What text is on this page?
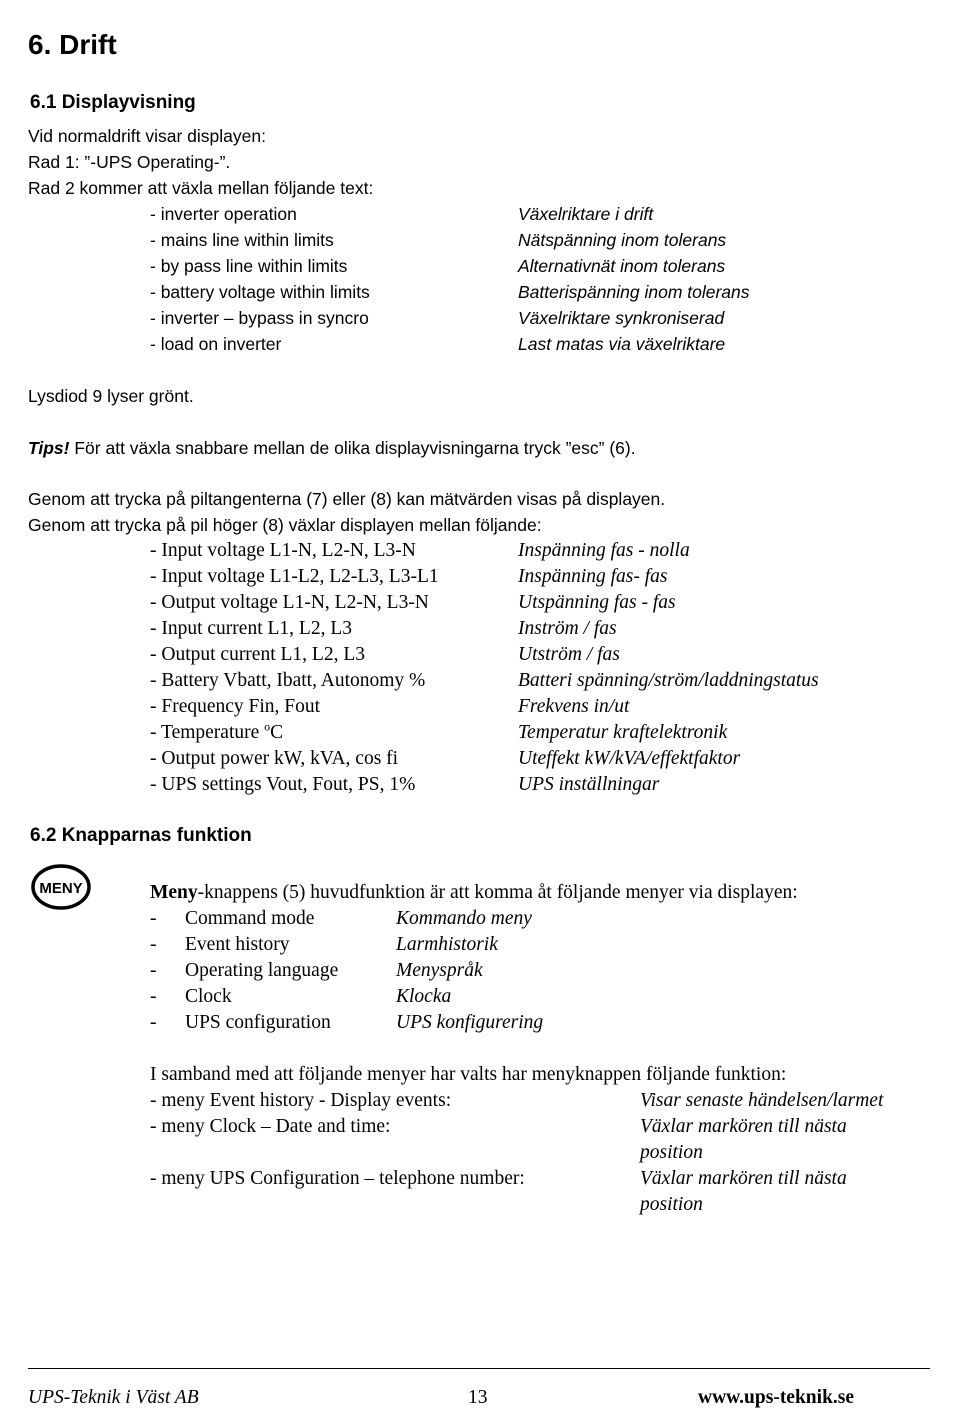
6. Drift
6.1 Displayvisning
Vid normaldrift visar displayen:
Rad 1: ”-UPS Operating-”.
Rad 2 kommer att växla mellan följande text:
- inverter operation	Växelriktare i drift
- mains line within limits	Nätspänning inom tolerans
- by pass line within limits	Alternativnät inom tolerans
- battery voltage within limits	Batterispänning inom tolerans
- inverter – bypass in syncro	Växelriktare synkroniserad
- load on inverter	Last matas via växelriktare
Lysdiod 9 lyser grönt.
Tips! För att växla snabbare mellan de olika displayvisningarna tryck ”esc” (6).
Genom att trycka på piltangenterna (7) eller (8) kan mätvärden visas på displayen.
Genom att trycka på pil höger (8) växlar displayen mellan följande:
- Input voltage L1-N, L2-N, L3-N	Inspänning fas - nolla
- Input voltage L1-L2, L2-L3, L3-L1	Inspänning fas- fas
- Output voltage L1-N, L2-N, L3-N	Utspänning fas - fas
- Input current L1, L2, L3	Inström / fas
- Output current L1, L2, L3	Utström / fas
- Battery Vbatt, Ibatt, Autonomy %	Batteri spänning/ström/laddningstatus
- Frequency Fin, Fout	Frekvens in/ut
- Temperature $^o$C	Temperatur kraftelektronik
- Output power kW, kVA, cos fi	Uteffekt kW/kVA/effektfaktor
- UPS settings Vout, Fout, PS, 1%	UPS inställningar
6.2 Knapparnas funktion
MENY	Meny-knappens (5) huvudfunktion är att komma åt följande menyer via displayen:
- Command mode	Kommando meny
- Event history	Larmhistorik
- Operating language	Menyspråk
- Clock	Klocka
- UPS configuration	UPS konfigurering
I samband med att följande menyer har valts har menyknappen följande funktion:
- meny Event history - Display events:	Visar senaste händelsen/larmet
- meny Clock – Date and time:	Växlar markören till nästa
position
- meny UPS Configuration – telephone number:	Växlar markören till nästa
position
UPS-Teknik i Väst AB	13	www.ups-teknik.se
